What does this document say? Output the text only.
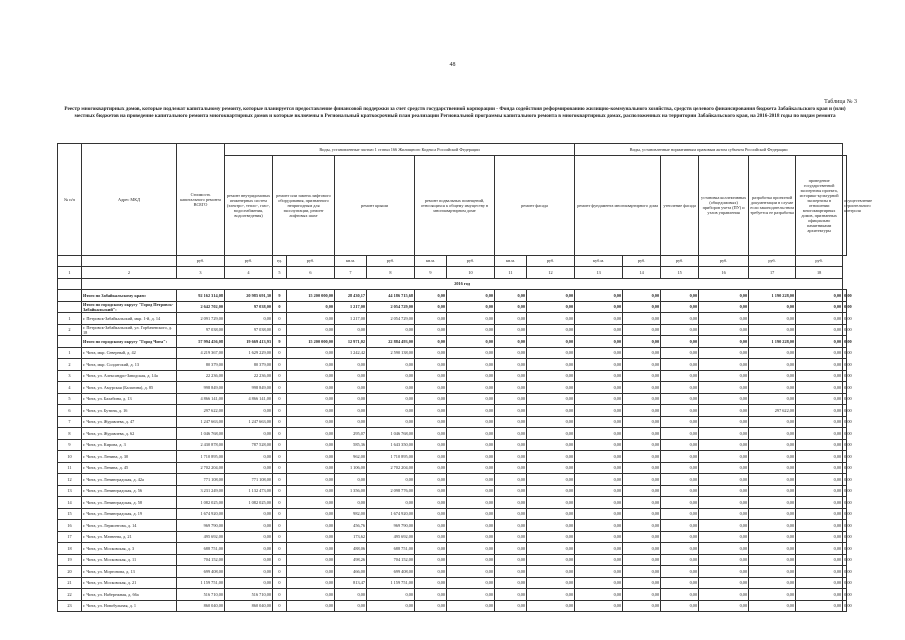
48
Таблица № 3
Реестр многоквартирных домов, которые подлежат капитальному ремонту, которые планируется предоставление финансовой поддержки за счет средств государственной корпорации - Фонда содействия реформированию жилищно-коммунального хозяйства, средств целевого финансирования бюджета Забайкальского края и (или) местных бюджетов на проведение капитального ремонта многоквартирных домов и которые включены в Региональный краткосрочный план реализации Региональной программы капитального ремонта в многоквартирных домах, расположенных на территории Забайкальского края, на 2016-2018 годы по видам ремонта
№ п/п	Адрес МКД	Стоимость капитального ремонта ВСЕГО	Виды, установленные частью 1 статьи 166 Жилищного Кодекса Российской Федерации									Виды, установленные нормативным правовым актом субъекта Российской Федерации						
			ремонт внутридомовых инженерных систем (электро-, тепло-, газо-, водоснабжения, водоотведения)	ремонт или замена лифтового оборудования, признанного непригодным для эксплуатации, ремонт лифтовых шахт		ремонт крыши		ремонт подвальных помещений, относящихся к общему имуществу в многоквартирном доме		ремонт фасада		ремонт фундамента многоквартирного дома		утепление фасада	установка коллективных (общедомовых) приборов учета (ПУ) и узлов управления	разработка проектной документации в случае если законодательством требуется ее разработка	проведение государственной экспертизы проекта, историко-культурной экспертизы в отношении многоквартирных домов, признанных официально памятниками архитектуры	осуществление строительного контроля
		руб.	руб.	ед.	руб.	кв.м.	руб.	кв.м.	руб.	кв.м.	руб.	куб.м.	руб.	руб.	руб.	руб.	руб.	
1	2	3	4	5	6	7	8	9	10	11	12	13	14	15	16	17	18	
	2016 год																	
	Итого по Забайкальскому краю:	92 162 314,08	20 985 691,30	9	15 200 000,00	28 430,17	44 186 715,68	0,00	0,00	0,00	0,00	0,00	0,00	0,00	0,00	1 190 228,00	0,00	0,00
	Итого по городскому округу "Город Петровск-Забайкальский":	2 642 702,00	97 038,00	0	0,00	1 217,00	2 054 729,00	0,00	0,00	0,00	0,00	0,00	0,00	0,00	0,00	0,00	0,00	0,00
1	г. Петровск-Забайкальский, мкр. 1-й, д. 14	2 091 729,00	0,00	0	0,00	1 217,00	2 054 729,00	0,00	0,00	0,00	0,00	0,00	0,00	0,00	0,00	0,00	0,00	0,00
2	г. Петровск-Забайкальский, ул. Горбачевского, д. 18	97 038,00	97 038,00	0	0,00	0,00	0,00	0,00	0,00	0,00	0,00	0,00	0,00	0,00	0,00	0,00	0,00	0,00
	Итого по городскому округу "Город Чита":	57 994 456,08	19 669 413,93	9	15 200 000,00	12 971,02	22 884 493,00	0,00	0,00	0,00	0,00	0,00	0,00	0,00	0,00	1 190 228,00	0,00	0,00
1	г. Чита, мкр. Северный, д. 42	4 219 367,00	1 629 229,00	0	0,00	1 242,42	2 590 138,00	0,00	0,00	0,00	0,00	0,00	0,00	0,00	0,00	0,00	0,00	0,00
2	г. Чита, мкр. Солдатский, д. 13	80 379,00	80 379,00	0	0,00	0,00	0,00	0,00	0,00	0,00	0,00	0,00	0,00	0,00	0,00	0,00	0,00	0,00
3	г. Чита, ул. Александро-Заводская, д. 14а	22 236,00	22 236,00	0	0,00	0,00	0,00	0,00	0,00	0,00	0,00	0,00	0,00	0,00	0,00	0,00	0,00	0,00
4	г. Чита, ул. Амурская (Балагина), д. 85	998 849,00	998 849,00	0	0,00	0,00	0,00	0,00	0,00	0,00	0,00	0,00	0,00	0,00	0,00	0,00	0,00	0,00
5	г. Чита, ул. Балабина, д. 13	4 866 141,00	4 866 141,00	0	0,00	0,00	0,00	0,00	0,00	0,00	0,00	0,00	0,00	0,00	0,00	0,00	0,00	0,00
6	г. Чита, ул. Бутина, д. 16	297 622,00	0,00	0	0,00	0,00	0,00	0,00	0,00	0,00	0,00	0,00	0,00	0,00	0,00	297 622,00	0,00	0,00
7	г. Чита, ул. Журавлева, д. 47	1 247 663,00	1 247 663,00	0	0,00	0,00	0,00	0,00	0,00	0,00	0,00	0,00	0,00	0,00	0,00	0,00	0,00	0,00
8	г. Чита, ул. Журавлева, д. 62	1 046 768,00	0,00	0	0,00	295,07	1 046 768,00	0,00	0,00	0,00	0,00	0,00	0,00	0,00	0,00	0,00	0,00	0,00
9	г. Чита, ул. Кирова, д. 3	2 430 878,00	787 528,00	0	0,00	585,36	1 643 350,00	0,00	0,00	0,00	0,00	0,00	0,00	0,00	0,00	0,00	0,00	0,00
10	г. Чита, ул. Ленина, д. 30	1 710 895,00	0,00	0	0,00	962,00	1 710 895,00	0,00	0,00	0,00	0,00	0,00	0,00	0,00	0,00	0,00	0,00	0,00
11	г. Чита, ул. Ленина, д. 45	2 702 204,00	0,00	0	0,00	1 106,00	2 702 204,00	0,00	0,00	0,00	0,00	0,00	0,00	0,00	0,00	0,00	0,00	0,00
12	г. Чита, ул. Ленинградская, д. 42а	771 108,00	771 108,00	0	0,00	0,00	0,00	0,00	0,00	0,00	0,00	0,00	0,00	0,00	0,00	0,00	0,00	0,00
13	г. Чита, ул. Ленинградская, д. 56	3 231 249,00	1 132 473,00	0	0,00	1 356,00	2 098 776,00	0,00	0,00	0,00	0,00	0,00	0,00	0,00	0,00	0,00	0,00	0,00
14	г. Чита, ул. Ленинградская, д. 58	1 082 025,00	1 082 025,00	0	0,00	0,00	0,00	0,00	0,00	0,00	0,00	0,00	0,00	0,00	0,00	0,00	0,00	0,00
15	г. Чита, ул. Ленинградская, д. 19	1 674 920,00	0,00	0	0,00	982,00	1 674 920,00	0,00	0,00	0,00	0,00	0,00	0,00	0,00	0,00	0,00	0,00	0,00
16	г. Чита, ул. Лермонтова, д. 14	969 790,00	0,00	0	0,00	456,76	969 790,00	0,00	0,00	0,00	0,00	0,00	0,00	0,00	0,00	0,00	0,00	0,00
17	г. Чита, ул. Матвеева, д. 21	495 692,00	0,00	0	0,00	173,62	495 692,00	0,00	0,00	0,00	0,00	0,00	0,00	0,00	0,00	0,00	0,00	0,00
18	г. Чита, ул. Московская, д. 3	688 751,00	0,00	0	0,00	488,06	688 751,00	0,00	0,00	0,00	0,00	0,00	0,00	0,00	0,00	0,00	0,00	0,00
19	г. Чита, ул. Московская, д. 11	704 152,00	0,00	0	0,00	498,26	704 152,00	0,00	0,00	0,00	0,00	0,00	0,00	0,00	0,00	0,00	0,00	0,00
20	г. Чита, ул. Мортонова, д. 13	699 408,00	0,00	0	0,00	466,00	699 408,00	0,00	0,00	0,00	0,00	0,00	0,00	0,00	0,00	0,00	0,00	0,00
21	г. Чита, ул. Московская, д. 21	1 159 751,00	0,00	0	0,00	813,47	1 159 751,00	0,00	0,00	0,00	0,00	0,00	0,00	0,00	0,00	0,00	0,00	0,00
22	г. Чита, ул. Набережная, д. 66а	516 710,00	516 710,00	0	0,00	0,00	0,00	0,00	0,00	0,00	0,00	0,00	0,00	0,00	0,00	0,00	0,00	0,00
23	г. Чита, ул. Новобульная, д. 1	860 040,00	860 040,00	0	0,00	0,00	0,00	0,00	0,00	0,00	0,00	0,00	0,00	0,00	0,00	0,00	0,00	0,00
